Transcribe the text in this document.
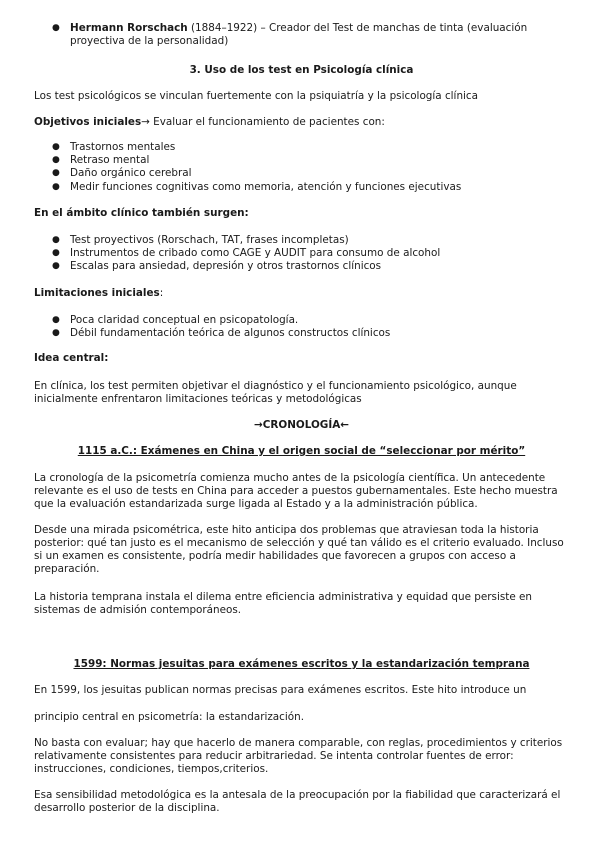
● Hermann Rorschach (1884–1922) – Creador del Test de manchas de tinta (evaluación
proyectiva de la personalidad)

3. Uso de los test en Psicología clínica

Los test psicológicos se vinculan fuertemente con la psiquiatría y la psicología clínica

Objetivos iniciales→ Evaluar el funcionamiento de pacientes con:

● Trastornos mentales
● Retraso mental
● Daño orgánico cerebral
● Medir funciones cognitivas como memoria, atención y funciones ejecutivas

En el ámbito clínico también surgen:

● Test proyectivos (Rorschach, TAT, frases incompletas)
● Instrumentos de cribado como CAGE y AUDIT para consumo de alcohol
● Escalas para ansiedad, depresión y otros trastornos clínicos

Limitaciones iniciales:

● Poca claridad conceptual en psicopatología.
● Débil fundamentación teórica de algunos constructos clínicos

Idea central:

En clínica, los test permiten objetivar el diagnóstico y el funcionamiento psicológico, aunque

inicialmente enfrentaron limitaciones teóricas y metodológicas

→CRONOLOGÍA←

1115 a.C.: Exámenes en China y el origen social de “seleccionar por mérito”

La cronología de la psicometría comienza mucho antes de la psicología científica. Un antecedente

relevante es el uso de tests en China para acceder a puestos gubernamentales. Este hecho muestra

que la evaluación estandarizada surge ligada al Estado y a la administración pública.

Desde una mirada psicométrica, este hito anticipa dos problemas que atraviesan toda la historia

posterior: qué tan justo es el mecanismo de selección y qué tan válido es el criterio evaluado. Incluso

si un examen es consistente, podría medir habilidades que favorecen a grupos con acceso a

preparación.

La historia temprana instala el dilema entre eficiencia administrativa y equidad que persiste en

sistemas de admisión contemporáneos.

1599: Normas jesuitas para exámenes escritos y la estandarización temprana

En 1599, los jesuitas publican normas precisas para exámenes escritos. Este hito introduce un

principio central en psicometría: la estandarización.

No basta con evaluar; hay que hacerlo de manera comparable, con reglas, procedimientos y criterios

relativamente consistentes para reducir arbitrariedad. Se intenta controlar fuentes de error:

instrucciones, condiciones, tiempos,criterios.

Esa sensibilidad metodológica es la antesala de la preocupación por la fiabilidad que caracterizará el

desarrollo posterior de la disciplina.
